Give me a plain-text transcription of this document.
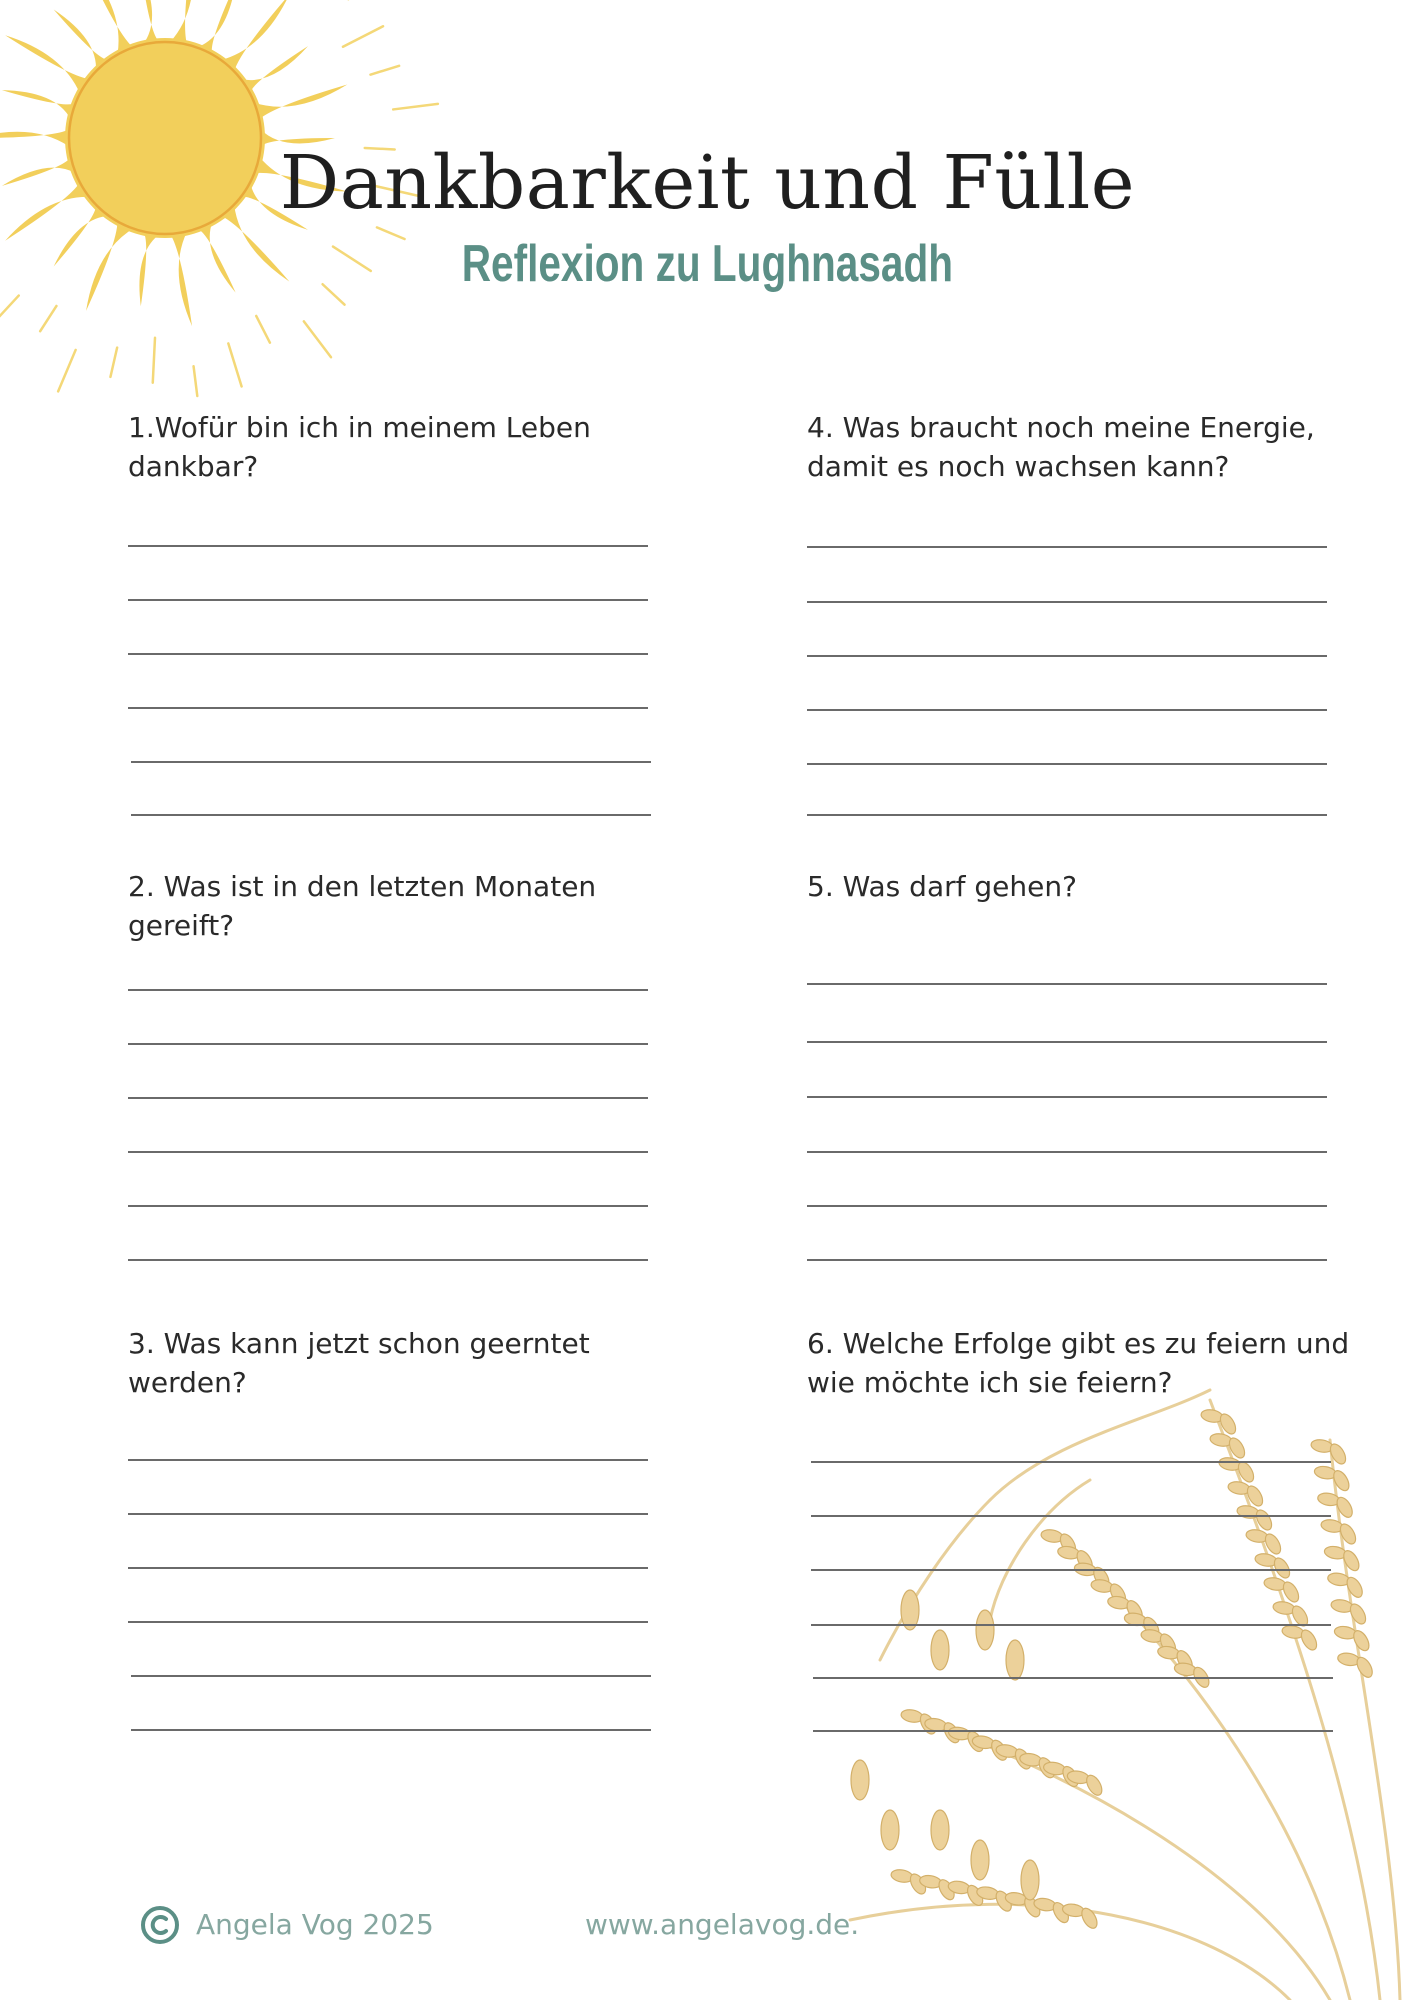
Dankbarkeit und Fülle
Reflexion zu Lughnasadh
1.Wofür bin ich in meinem Leben dankbar?
2. Was ist in den letzten Monaten gereift?
3. Was kann jetzt schon geerntet werden?
4. Was braucht noch meine Energie, damit es noch wachsen kann?
5. Was darf gehen?
6. Welche Erfolge gibt es zu feiern und wie möchte ich sie feiern?
Angela Vog 2025	www.angelavog.de.
